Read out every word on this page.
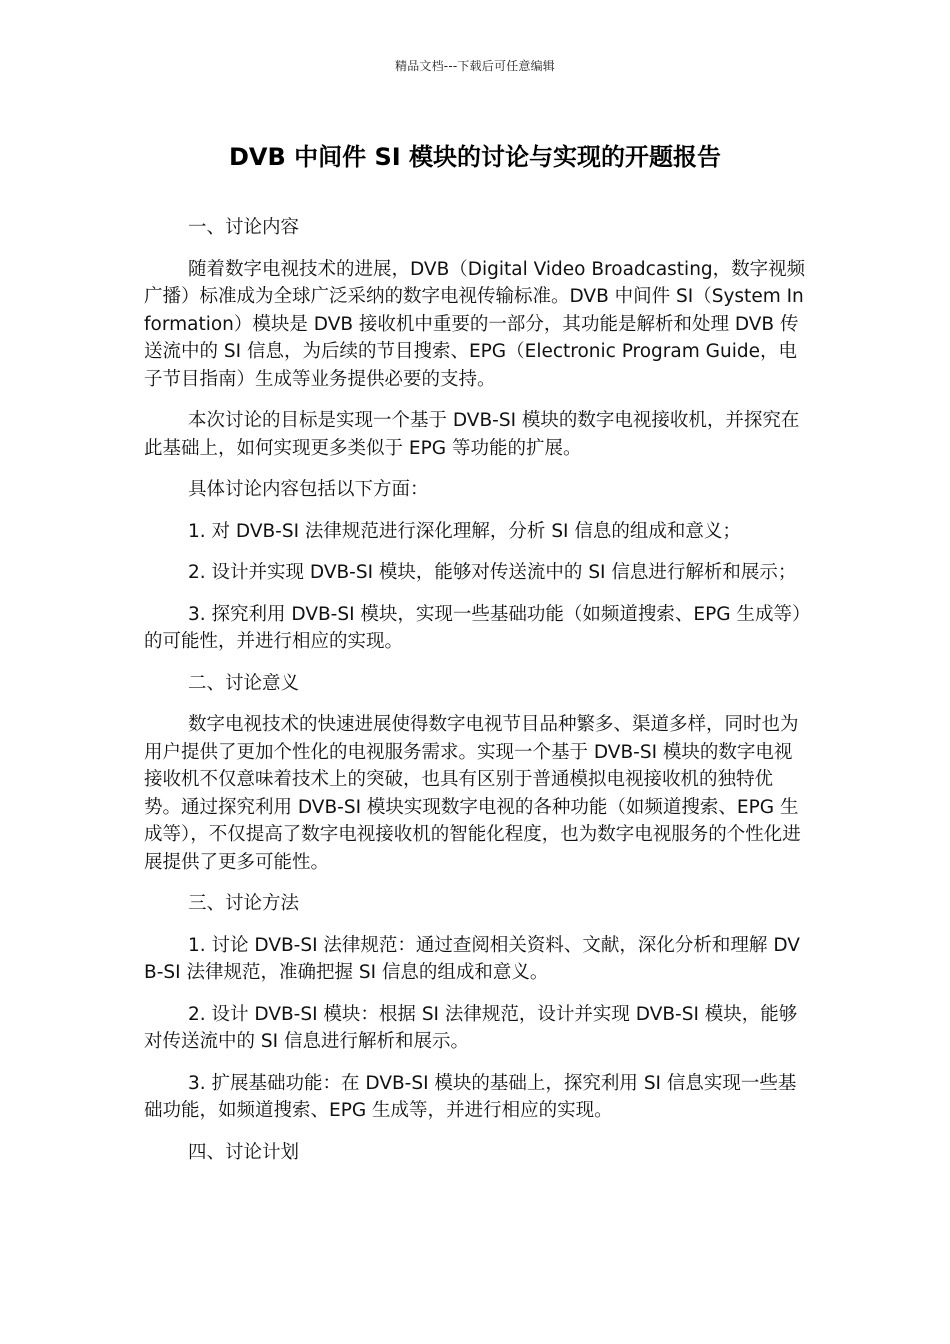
精品文档---下载后可任意编辑
DVB 中间件 SI 模块的讨论与实现的开题报告

一、讨论内容

随着数字电视技术的进展，DVB（Digital Video Broadcasting，数字视频广播）标准成为全球广泛采纳的数字电视传输标准。DVB 中间件 SI（System Information）模块是 DVB 接收机中重要的一部分，其功能是解析和处理 DVB 传送流中的 SI 信息，为后续的节目搜索、EPG（Electronic Program Guide，电子节目指南）生成等业务提供必要的支持。

本次讨论的目标是实现一个基于 DVB-SI 模块的数字电视接收机，并探究在此基础上，如何实现更多类似于 EPG 等功能的扩展。

具体讨论内容包括以下方面：

1. 对 DVB-SI 法律规范进行深化理解，分析 SI 信息的组成和意义；

2. 设计并实现 DVB-SI 模块，能够对传送流中的 SI 信息进行解析和展示；

3. 探究利用 DVB-SI 模块，实现一些基础功能（如频道搜索、EPG 生成等）的可能性，并进行相应的实现。

二、讨论意义

数字电视技术的快速进展使得数字电视节目品种繁多、渠道多样，同时也为用户提供了更加个性化的电视服务需求。实现一个基于 DVB-SI 模块的数字电视接收机不仅意味着技术上的突破，也具有区别于普通模拟电视接收机的独特优势。通过探究利用 DVB-SI 模块实现数字电视的各种功能（如频道搜索、EPG 生成等），不仅提高了数字电视接收机的智能化程度，也为数字电视服务的个性化进展提供了更多可能性。

三、讨论方法

1. 讨论 DVB-SI 法律规范：通过查阅相关资料、文献，深化分析和理解 DVB-SI 法律规范，准确把握 SI 信息的组成和意义。

2. 设计 DVB-SI 模块：根据 SI 法律规范，设计并实现 DVB-SI 模块，能够对传送流中的 SI 信息进行解析和展示。

3. 扩展基础功能：在 DVB-SI 模块的基础上，探究利用 SI 信息实现一些基础功能，如频道搜索、EPG 生成等，并进行相应的实现。

四、讨论计划
